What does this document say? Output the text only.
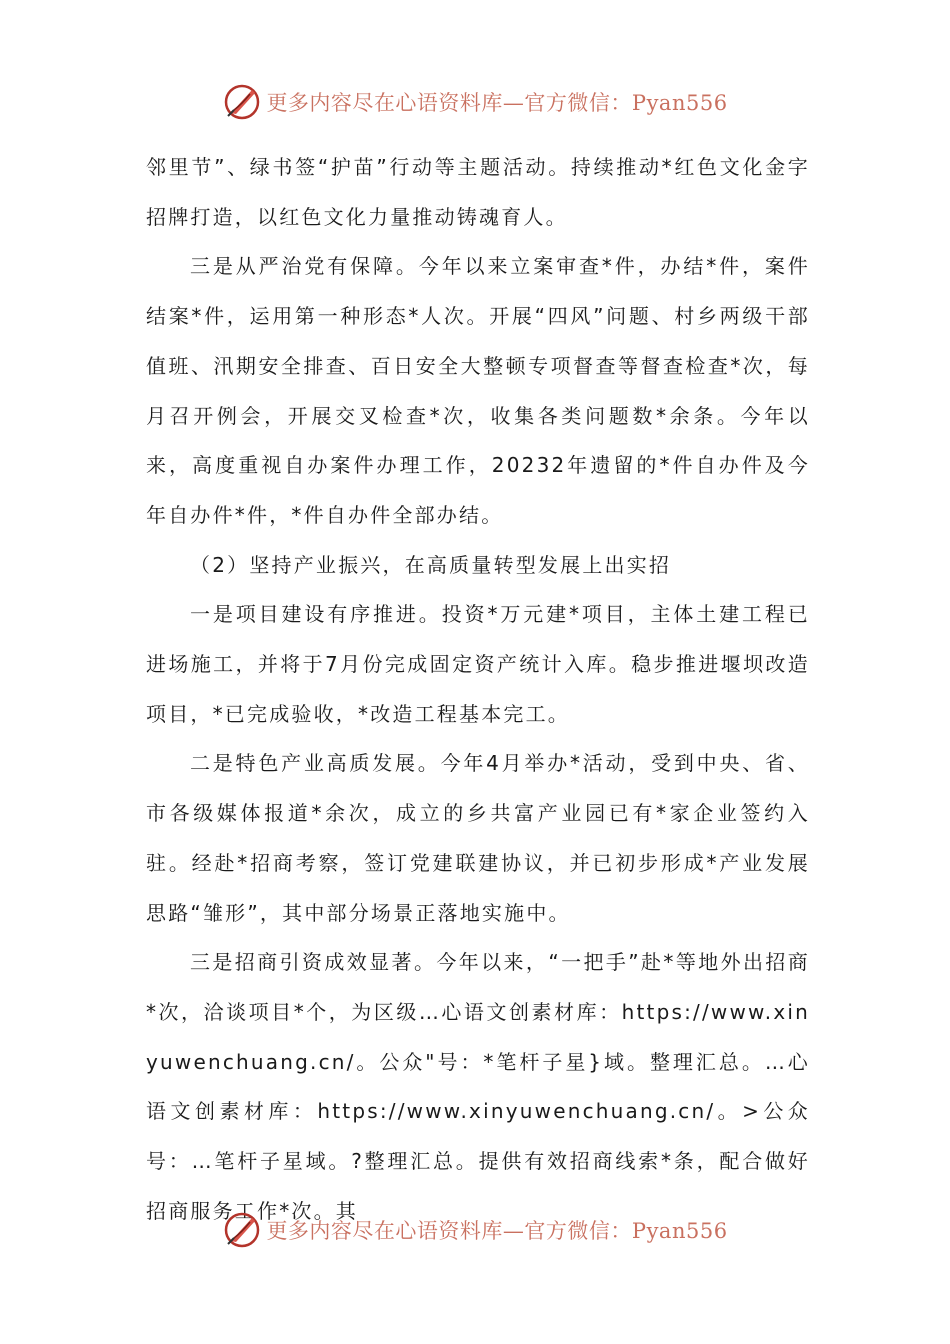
更多内容尽在心语资料库—官方微信：Pyan556

邻里节”、绿书签“护苗”行动等主题活动。持续推动*红色文化金字招牌打造，以红色文化力量推动铸魂育人。

三是从严治党有保障。今年以来立案审查*件，办结*件，案件结案*件，运用第一种形态*人次。开展“四风”问题、村乡两级干部值班、汛期安全排查、百日安全大整顿专项督查等督查检查*次，每月召开例会，开展交叉检查*次，收集各类问题数*余条。今年以来，高度重视自办案件办理工作，20232年遗留的*件自办件及今年自办件*件，*件自办件全部办结。

（2）坚持产业振兴，在高质量转型发展上出实招

一是项目建设有序推进。投资*万元建*项目，主体土建工程已进场施工，并将于7月份完成固定资产统计入库。稳步推进堰坝改造项目，*已完成验收，*改造工程基本完工。

二是特色产业高质发展。今年4月举办*活动，受到中央、省、市各级媒体报道*余次，成立的乡共富产业园已有*家企业签约入驻。经赴*招商考察，签订党建联建协议，并已初步形成*产业发展思路“雏形”，其中部分场景正落地实施中。

三是招商引资成效显著。今年以来，“一把手”赴*等地外出招商*次，洽谈项目*个，为区级…心语文创素材库：https://www.xinyuwenchuang.cn/。公众"号：*笔杆子星}域。整理汇总。…心语文创素材库：https://www.xinyuwenchuang.cn/。>公众号：…笔杆子星域。?整理汇总。提供有效招商线索*条，配合做好招商服务工作*次。其

更多内容尽在心语资料库—官方微信：Pyan556
